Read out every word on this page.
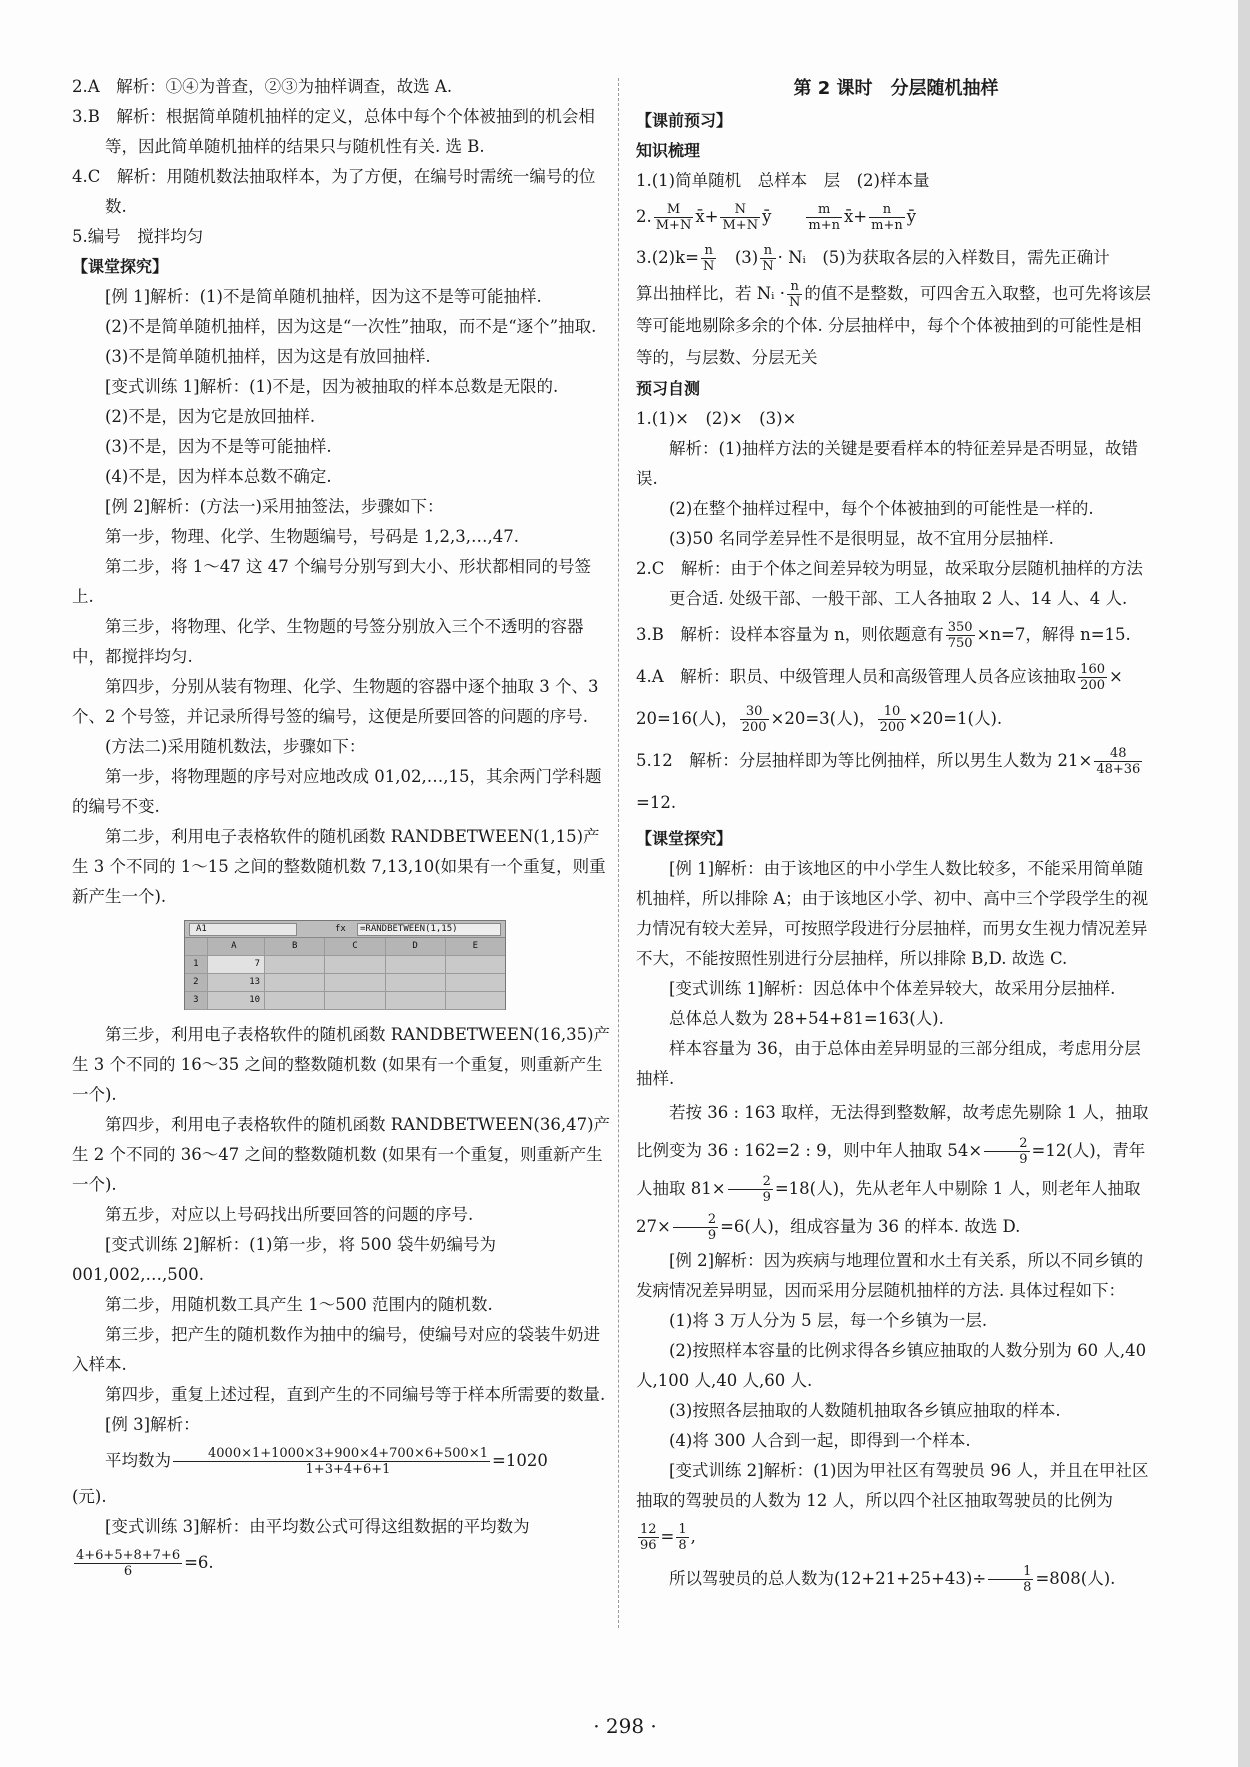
2.A　解析：①④为普查，②③为抽样调查，故选 A.

3.B　解析：根据简单随机抽样的定义，总体中每个个体被抽到的机会相等，因此简单随机抽样的结果只与随机性有关. 选 B.

4.C　解析：用随机数法抽取样本，为了方便，在编号时需统一编号的位数.

5.编号　搅拌均匀

【课堂探究】

[例 1]解析：(1)不是简单随机抽样，因为这不是等可能抽样.

(2)不是简单随机抽样，因为这是“一次性”抽取，而不是“逐个”抽取.

(3)不是简单随机抽样，因为这是有放回抽样.

[变式训练 1]解析：(1)不是，因为被抽取的样本总数是无限的.

(2)不是，因为它是放回抽样.

(3)不是，因为不是等可能抽样.

(4)不是，因为样本总数不确定.

[例 2]解析：(方法一)采用抽签法，步骤如下：

第一步，物理、化学、生物题编号，号码是 1,2,3,…,47.

第二步，将 1～47 这 47 个编号分别写到大小、形状都相同的号签上.

第三步，将物理、化学、生物题的号签分别放入三个不透明的容器中，都搅拌均匀.

第四步，分别从装有物理、化学、生物题的容器中逐个抽取 3 个、3 个、2 个号签，并记录所得号签的编号，这便是所要回答的问题的序号.

(方法二)采用随机数法，步骤如下：

第一步，将物理题的序号对应地改成 01,02,…,15，其余两门学科题的编号不变.

第二步，利用电子表格软件的随机函数 RANDBETWEEN(1,15)产生 3 个不同的 1～15 之间的整数随机数 7,13,10(如果有一个重复，则重新产生一个).

A1	fx	=RANDBETWEEN(1,15)
A	B	C	D	E
1	7
2	13
3	10

第三步，利用电子表格软件的随机函数 RANDBETWEEN(16,35)产生 3 个不同的 16～35 之间的整数随机数 (如果有一个重复，则重新产生一个).

第四步，利用电子表格软件的随机函数 RANDBETWEEN(36,47)产生 2 个不同的 36～47 之间的整数随机数 (如果有一个重复，则重新产生一个).

第五步，对应以上号码找出所要回答的问题的序号.

[变式训练 2]解析：(1)第一步，将 500 袋牛奶编号为 001,002,…,500.

第二步，用随机数工具产生 1～500 范围内的随机数.

第三步，把产生的随机数作为抽中的编号，使编号对应的袋装牛奶进入样本.

第四步，重复上述过程，直到产生的不同编号等于样本所需要的数量.

[例 3]解析：

平均数为 $\frac{4000\times 1+1000\times 3+900\times 4+700\times 6+500\times 1}{1+3+4+6+1} =1020$

(元).

[变式训练 3]解析：由平均数公式可得这组数据的平均数为

$\frac{4+6+5+8+7+6}{6} =6$.

第 2 课时　分层随机抽样

【课前预习】

知识梳理

1.(1)简单随机　总样本　层　(2)样本量

2. $\frac{M}{M+N}$ x̄+ $\frac{N}{M+N}$ ȳ　　	$\frac{m}{m+n}$ x̄+ $\frac{n}{m+n}$ ȳ

$3.(2)k= \frac{n}{N}$
　 $(3) \frac{n}{N}$ · Nᵢ　(5)为获取各层的入样数目，需先正确计

算出抽样比，若 Nᵢ · $\frac{n}{N}$ 的值不是整数，可四舍五入取整，也可先将该层等可能地剔除多余的个体. 分层抽样中，每个个体被抽到的可能性是相等的，与层数、分层无关

预习自测

1.(1)×　(2)×　(3)×

解析：(1)抽样方法的关键是要看样本的特征差异是否明显，故错误.

(2)在整个抽样过程中，每个个体被抽到的可能性是一样的.

(3)50 名同学差异性不是很明显，故不宜用分层抽样.

2.C　解析：由于个体之间差异较为明显，故采取分层随机抽样的方法更合适. 处级干部、一般干部、工人各抽取 2 人、14 人、4 人.

3.B　解析：设样本容量为 n，则依题意有 $\frac{350}{750} \times n=7$，解得 n=15.

4.A　解析：职员、中级管理人员和高级管理人员各应该抽取 $\frac{160}{200}$ ×

20=16(人)， $\frac{30}{200} \times 20=3$(人)， $\frac{10}{200} \times 20=1$(人).

5.12　解析：分层抽样即为等比例抽样，所以男生人数为 $21\times \frac{48}{48+36}$
=12.

【课堂探究】

[例 1]解析：由于该地区的中小学生人数比较多，不能采用简单随机抽样，所以排除 A；由于该地区小学、初中、高中三个学段学生的视力情况有较大差异，可按照学段进行分层抽样，而男女生视力情况差异不大，不能按照性别进行分层抽样，所以排除 B,D. 故选 C.

[变式训练 1]解析：因总体中个体差异较大，故采用分层抽样.

总体总人数为 28+54+81=163(人).

样本容量为 36，由于总体由差异明显的三部分组成，考虑用分层抽样.

若按 36 : 163 取样，无法得到整数解，故考虑先剔除 1 人，抽取比例变为 36 : 162=2 : 9，则中年人抽取 $54\times \frac{2}{9} =12$(人)，青年人抽取 $81\times \frac{2}{9} =18$(人)，先从老年人中剔除 1 人，则老年人抽取 $27\times \frac{2}{9} =6$(人)，组成容量为 36 的样本. 故选 D.

[例 2]解析：因为疾病与地理位置和水土有关系，所以不同乡镇的发病情况差异明显，因而采用分层随机抽样的方法. 具体过程如下：

(1)将 3 万人分为 5 层，每一个乡镇为一层.

(2)按照样本容量的比例求得各乡镇应抽取的人数分别为 60 人,40 人,100 人,40 人,60 人.

(3)按照各层抽取的人数随机抽取各乡镇应抽取的样本.

(4)将 300 人合到一起，即得到一个样本.

[变式训练 2]解析：(1)因为甲社区有驾驶员 96 人，并且在甲社区抽取的驾驶员的人数为 12 人，所以四个社区抽取驾驶员的比例为

$\frac{12}{96} = \frac{1}{8}$ ,

所以驾驶员的总人数为$(12+21+25+43)\div \frac{1}{8} =808$(人).

· 298 ·
